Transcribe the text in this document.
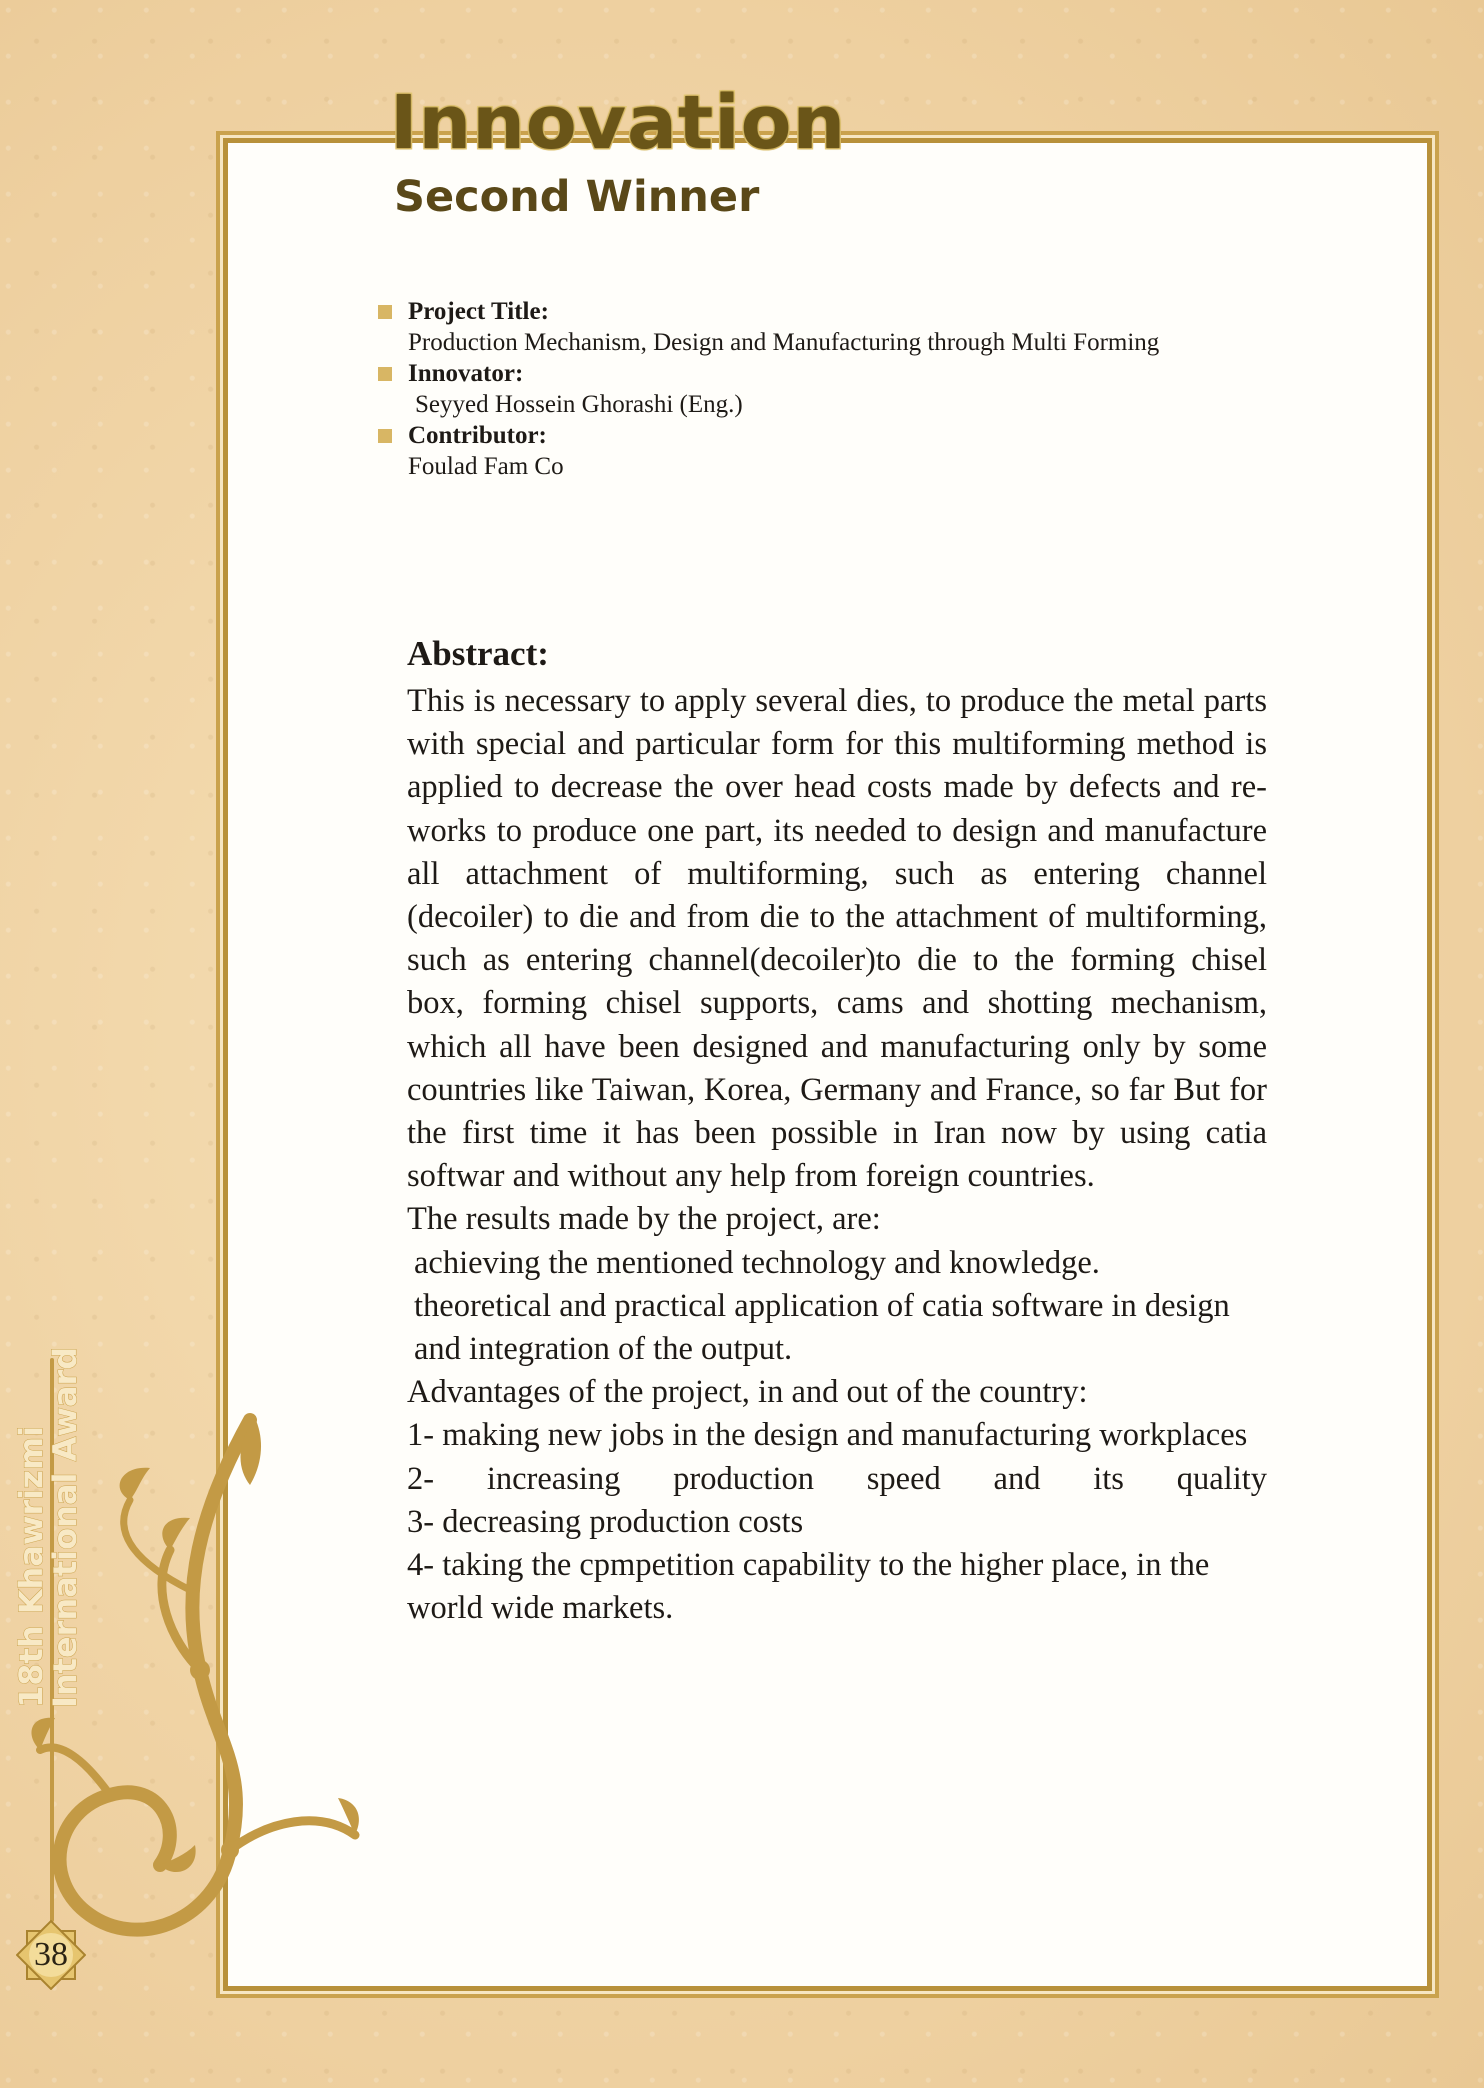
Innovation
Second Winner
Project Title:
Production Mechanism, Design and Manufacturing through Multi Forming
Innovator:
Seyyed Hossein Ghorashi (Eng.)
Contributor:
Foulad Fam Co
Abstract:

This is necessary to apply several dies, to produce the metal parts with special and particular form for this multiforming method is applied to decrease the over head costs made by defects and re-works to produce one part, its needed to design and manufacture all attachment of multiforming, such as entering channel (decoiler) to die and from die to the attachment of multiforming, such as entering channel(decoiler)to die to the forming chisel box, forming chisel supports, cams and shotting mechanism, which all have been designed and manufacturing only by some countries like Taiwan, Korea, Germany and France, so far But for the first time it has been possible in Iran now by using catia softwar and without any help from foreign countries.

The results made by the project, are:

achieving the mentioned technology and knowledge.

theoretical and practical application of catia software in design and integration of the output.

Advantages of the project, in and out of the country:

1- making new jobs in the design and manufacturing workplaces

2- increasing production speed and its quality

3- decreasing production costs

4- taking the cpmpetition capability to the higher place, in the world wide markets.

18th Khawrizmi
International Award
38
